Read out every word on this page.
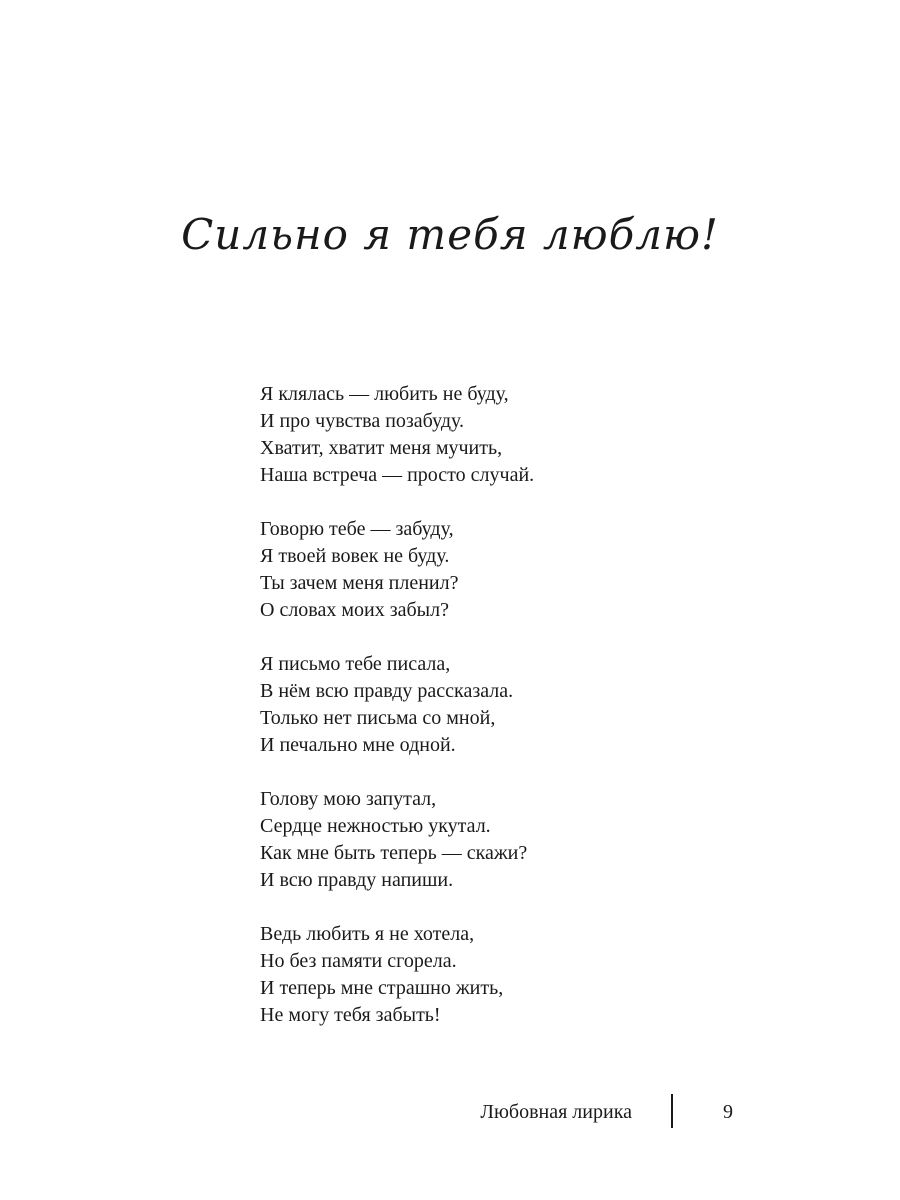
Сильно я тебя люблю!
Я клялась — любить не буду,
И про чувства позабуду.
Хватит, хватит меня мучить,
Наша встреча — просто случай.
Говорю тебе — забуду,
Я твоей вовек не буду.
Ты зачем меня пленил?
О словах моих забыл?
Я письмо тебе писала,
В нём всю правду рассказала.
Только нет письма со мной,
И печально мне одной.
Голову мою запутал,
Сердце нежностью укутал.
Как мне быть теперь — скажи?
И всю правду напиши.
Ведь любить я не хотела,
Но без памяти сгорела.
И теперь мне страшно жить,
Не могу тебя забыть!
Любовная лирика	9
